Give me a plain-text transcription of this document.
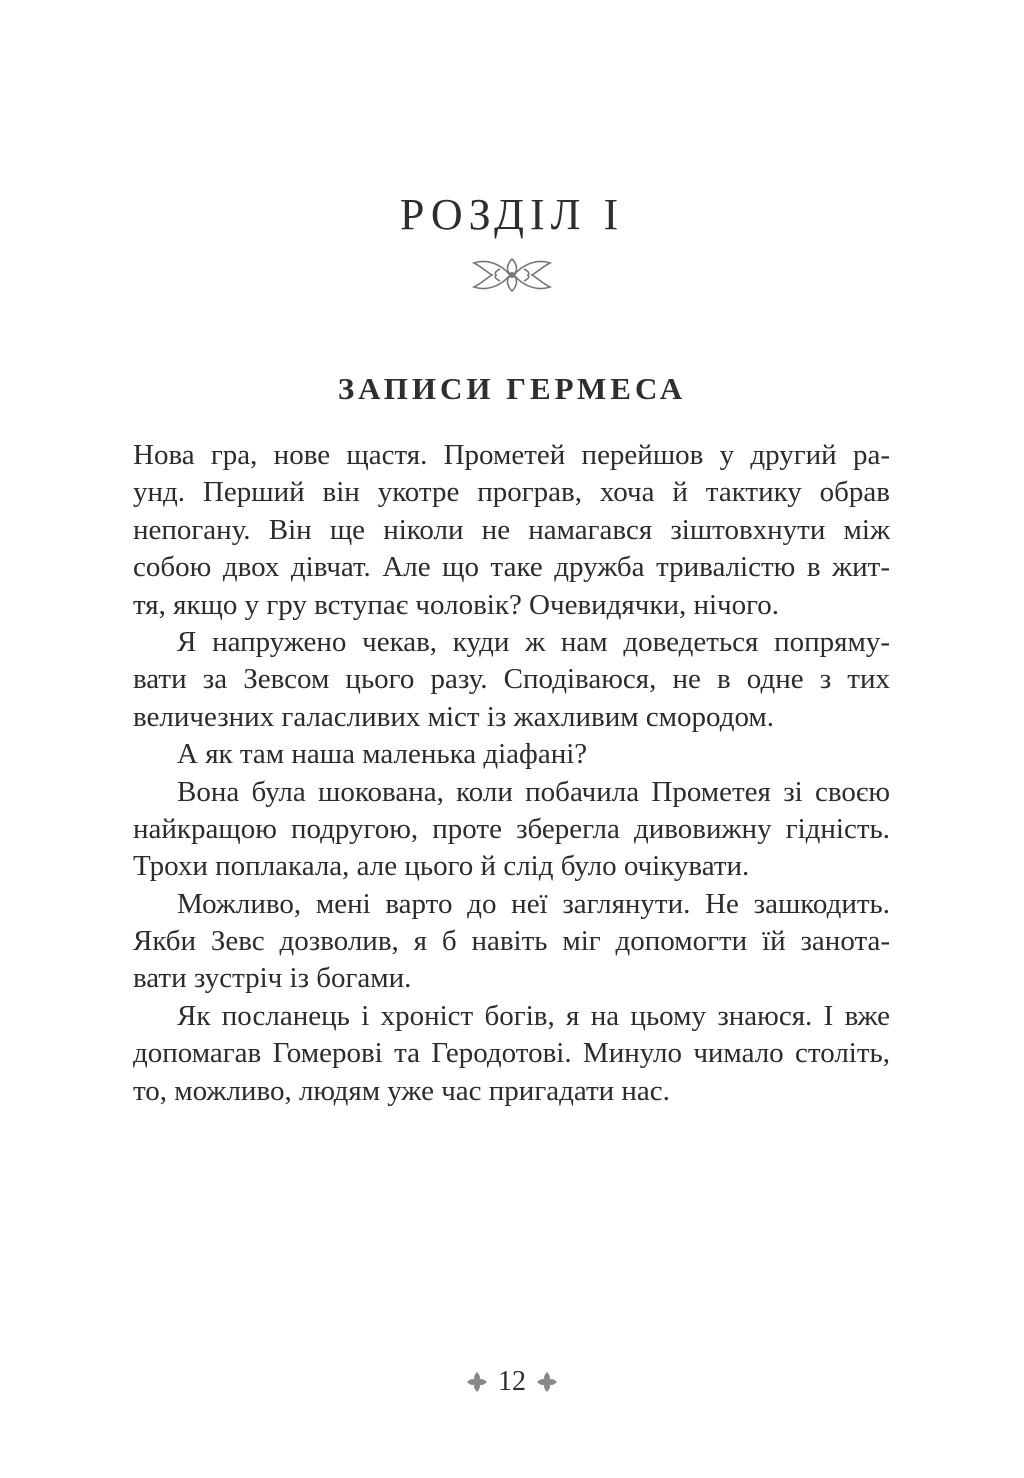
РОЗДІЛ І
ЗАПИСИ ГЕРМЕСА
Нова гра, нове щастя. Прометей перейшов у другий ра-
унд. Перший він укотре програв, хоча й тактику обрав
непогану. Він ще ніколи не намагався зіштовхнути між
собою двох дівчат. Але що таке дружба тривалістю в жит-
тя, якщо у гру вступає чоловік? Очевидячки, нічого.
Я напружено чекав, куди ж нам доведеться попряму-
вати за Зевсом цього разу. Сподіваюся, не в одне з тих
величезних галасливих міст із жахливим смородом.
А як там наша маленька діафані?
Вона була шокована, коли побачила Прометея зі своєю
найкращою подругою, проте зберегла дивовижну гідність.
Трохи поплакала, але цього й слід було очікувати.
Можливо, мені варто до неї заглянути. Не зашкодить.
Якби Зевс дозволив, я б навіть міг допомогти їй занота-
вати зустріч із богами.
Як посланець і хроніст богів, я на цьому знаюся. І вже
допомагав Гомерові та Геродотові. Минуло чимало століть,
то, можливо, людям уже час пригадати нас.
12
